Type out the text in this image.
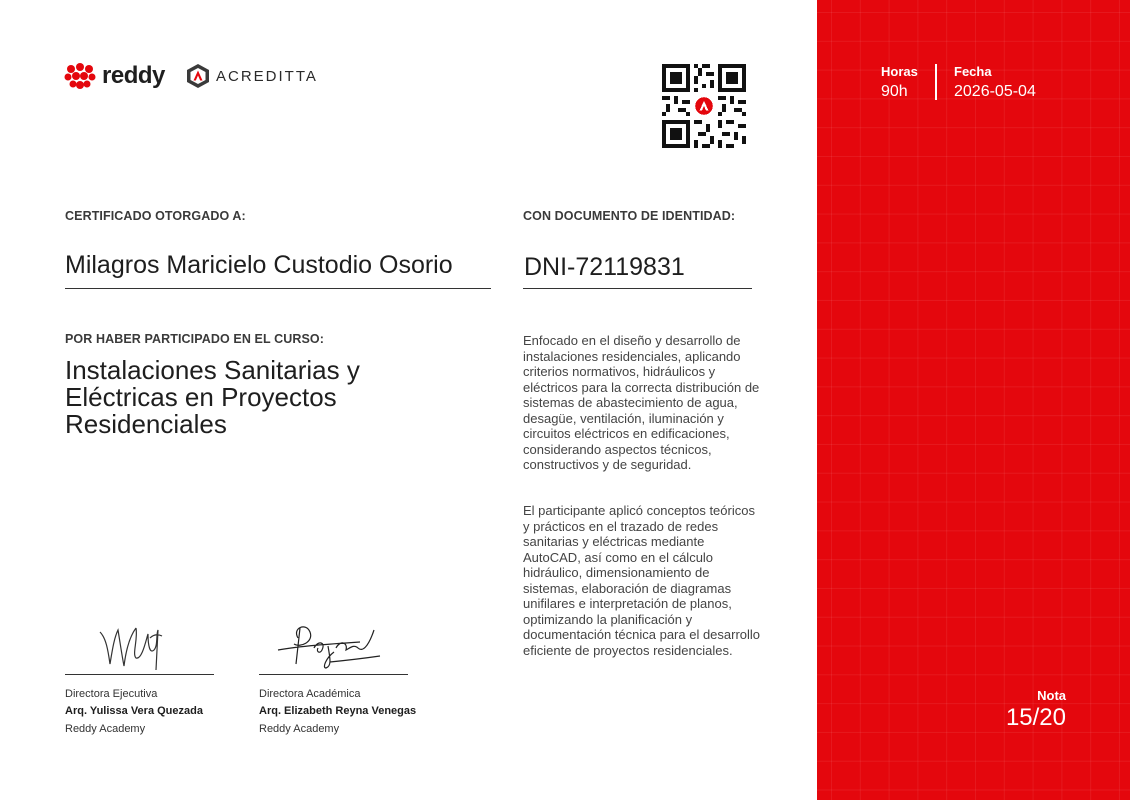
reddy	ACREDITTA
CERTIFICADO OTORGADO A:
Milagros Maricielo Custodio Osorio
CON DOCUMENTO DE IDENTIDAD:
DNI-72119831
POR HABER PARTICIPADO EN EL CURSO:
Instalaciones Sanitarias y Eléctricas en Proyectos Residenciales
Enfocado en el diseño y desarrollo de instalaciones residenciales, aplicando criterios normativos, hidráulicos y eléctricos para la correcta distribución de sistemas de abastecimiento de agua, desagüe, ventilación, iluminación y circuitos eléctricos en edificaciones, considerando aspectos técnicos, constructivos y de seguridad.
El participante aplicó conceptos teóricos y prácticos en el trazado de redes sanitarias y eléctricas mediante AutoCAD, así como en el cálculo hidráulico, dimensionamiento de sistemas, elaboración de diagramas unifilares e interpretación de planos, optimizando la planificación y documentación técnica para el desarrollo eficiente de proyectos residenciales.
Directora Ejecutiva
Arq. Yulissa Vera Quezada
Reddy Academy
Directora Académica
Arq. Elizabeth Reyna Venegas
Reddy Academy
Horas
90h
Fecha
2026-05-04
Nota
15/20
